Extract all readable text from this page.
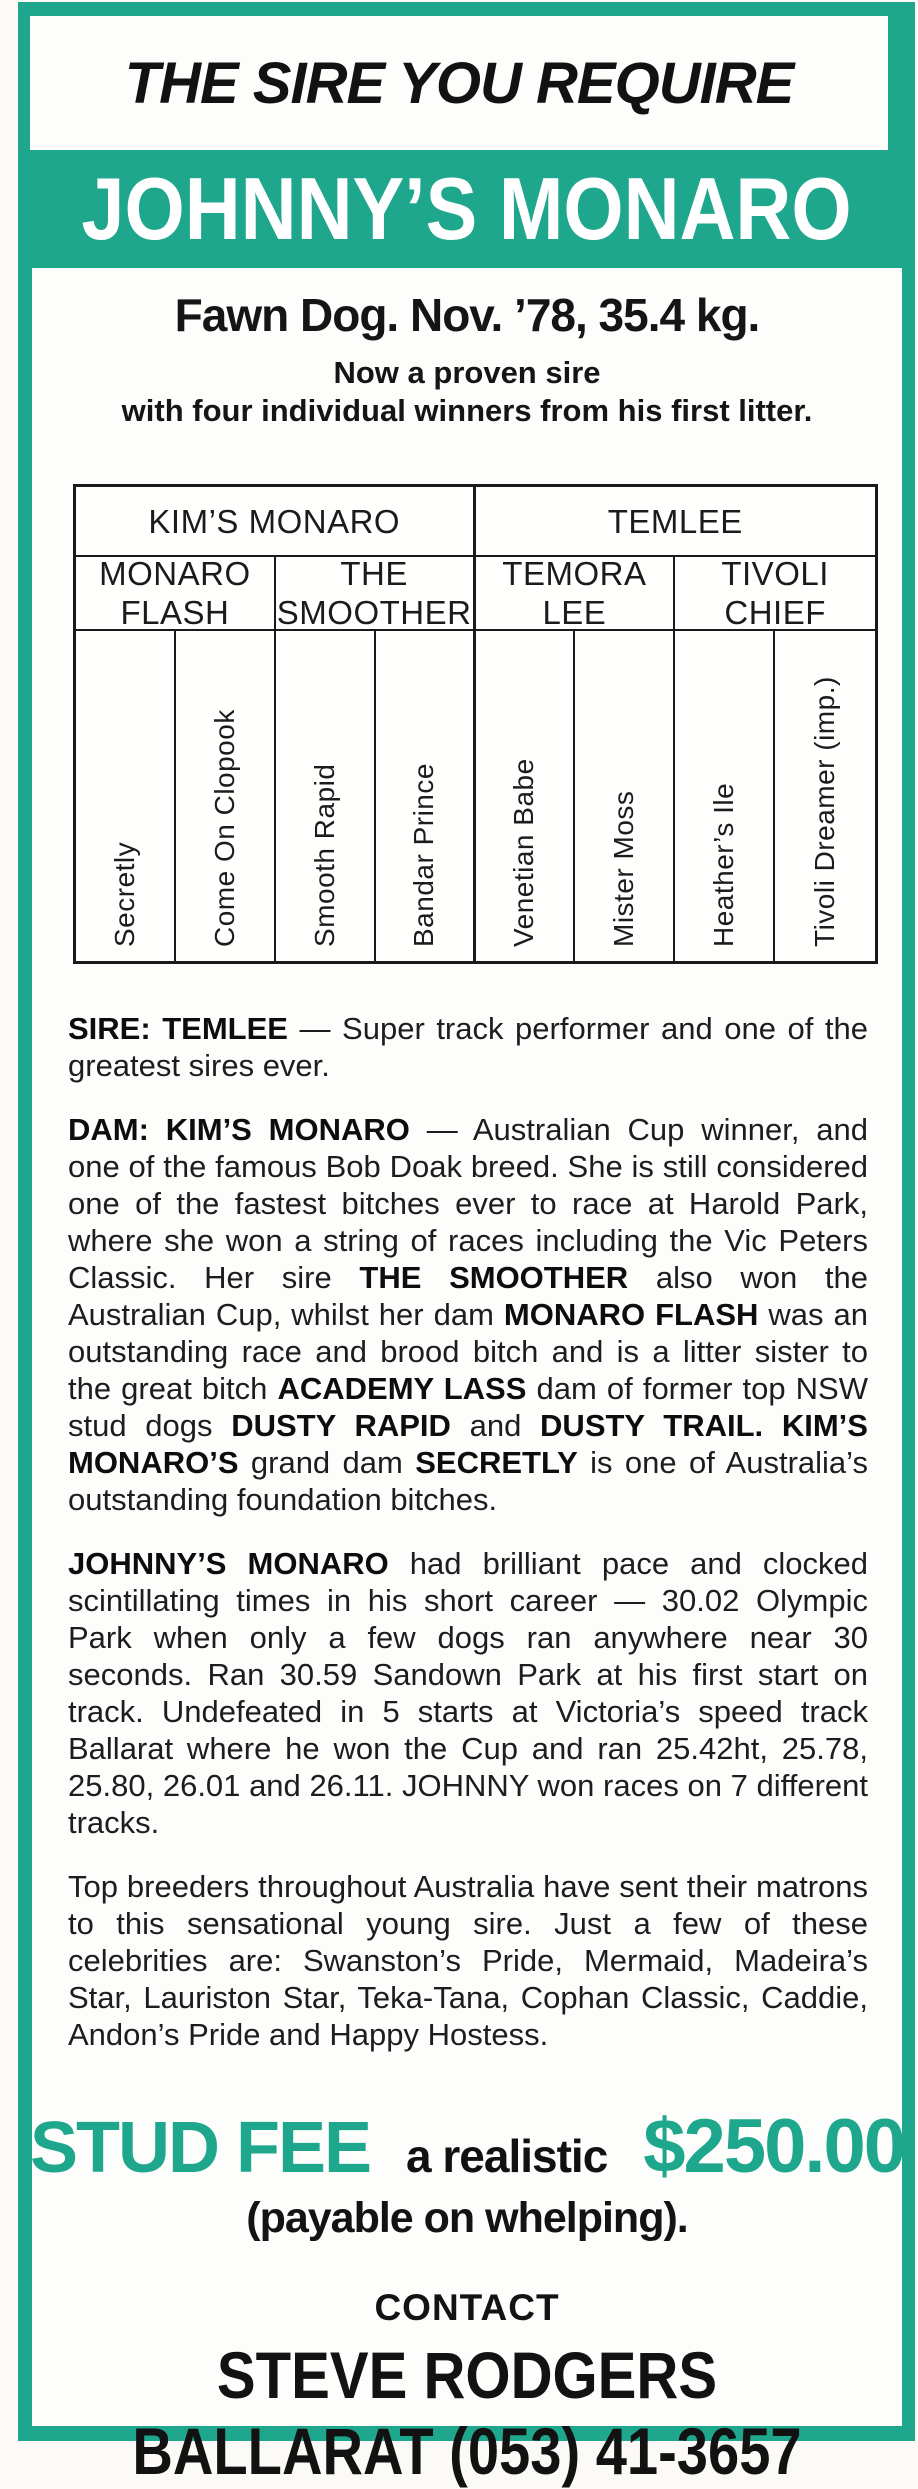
THE SIRE YOU REQUIRE
JOHNNY’S MONARO
Fawn Dog. Nov. ’78, 35.4 kg.
Now a proven sire
with four individual winners from his first litter.
KIM’S MONARO	TEMLEE
MONARO FLASH
THE SMOOTHER
TEMORA LEE
TIVOLI CHIEF
Secretly Come On Clopook Smooth Rapid Bandar Prince Venetian Babe Mister Moss Heather’s Ile Tivoli Dreamer (imp.)

SIRE: TEMLEE — Super track performer and one of the greatest sires ever.

DAM: KIM’S MONARO — Australian Cup winner, and one of the famous Bob Doak breed. She is still considered one of the fastest bitches ever to race at Harold Park, where she won a string of races including the Vic Peters Classic. Her sire THE SMOOTHER also won the Australian Cup, whilst her dam MONARO FLASH was an outstanding race and brood bitch and is a litter sister to the great bitch ACADEMY LASS dam of former top NSW stud dogs DUSTY RAPID and DUSTY TRAIL. KIM’S MONARO’S grand dam SECRETLY is one of Australia’s outstanding foundation bitches.

JOHNNY’S MONARO had brilliant pace and clocked scintillating times in his short career — 30.02 Olympic Park when only a few dogs ran anywhere near 30 seconds. Ran 30.59 Sandown Park at his first start on track. Undefeated in 5 starts at Victoria’s speed track Ballarat where he won the Cup and ran 25.42ht, 25.78, 25.80, 26.01 and 26.11. JOHNNY won races on 7 different tracks.

Top breeders throughout Australia have sent their matrons to this sensational young sire. Just a few of these celebrities are: Swanston’s Pride, Mermaid, Madeira’s Star, Lauriston Star, Teka-Tana, Cophan Classic, Caddie, Andon’s Pride and Happy Hostess.

STUD FEE a realistic $250.00
(payable on whelping).
CONTACT
STEVE RODGERS
BALLARAT (053) 41-3657
